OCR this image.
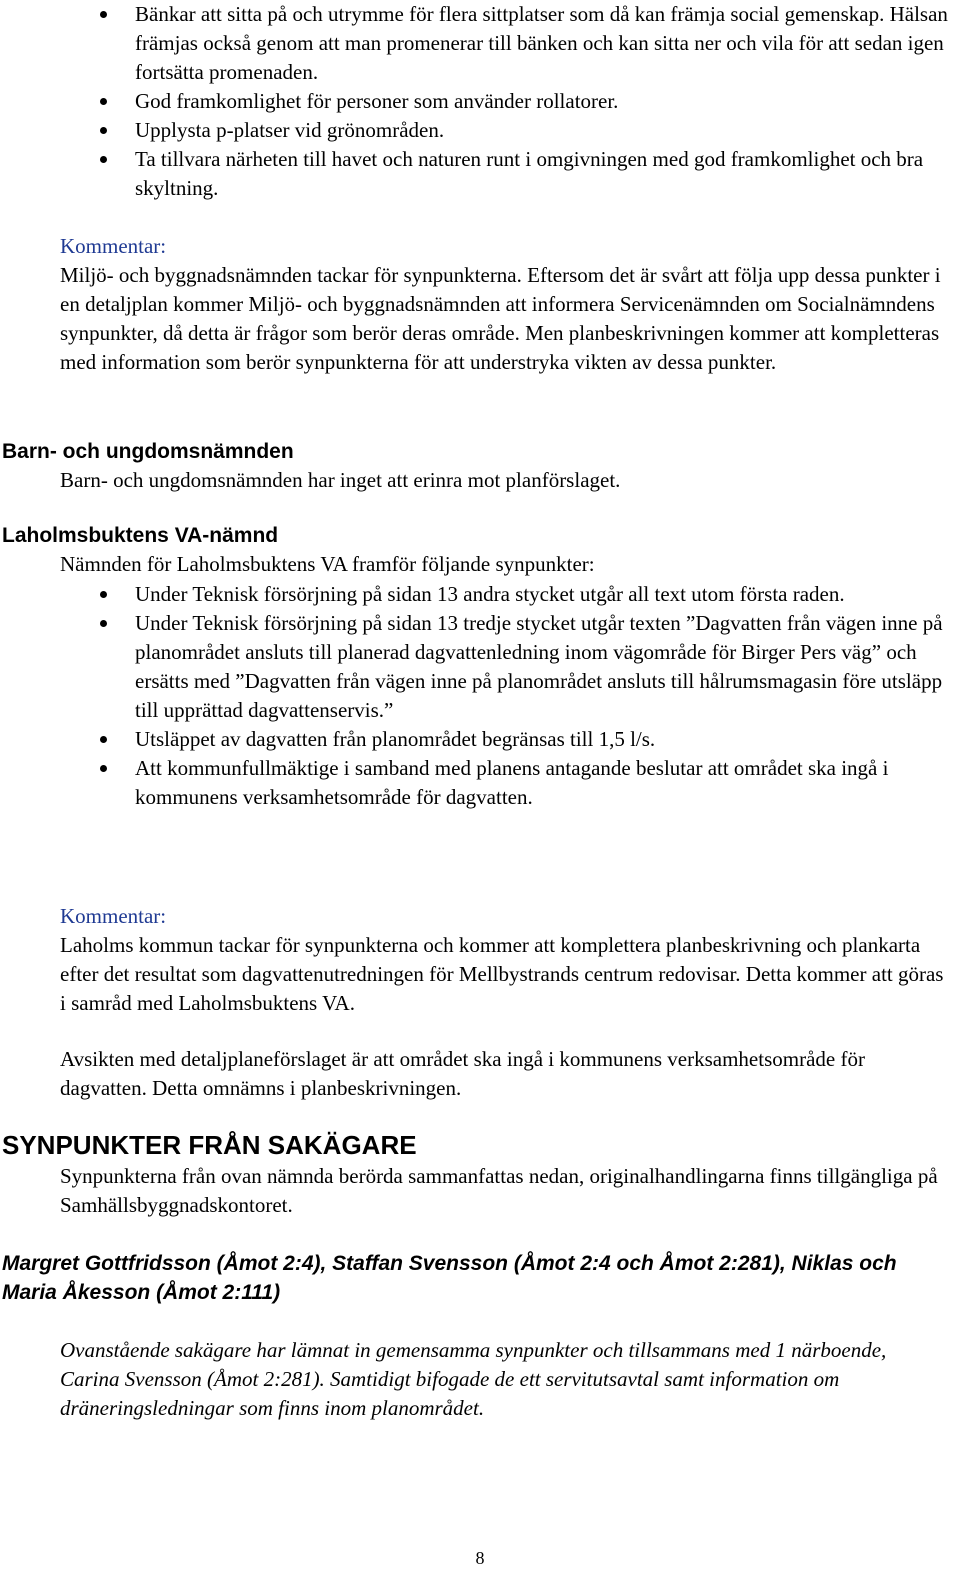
Bänkar att sitta på och utrymme för flera sittplatser som då kan främja social gemenskap. Hälsan främjas också genom att man promenerar till bänken och kan sitta ner och vila för att sedan igen fortsätta promenaden.
God framkomlighet för personer som använder rollatorer.
Upplysta p-platser vid grönområden.
Ta tillvara närheten till havet och naturen runt i omgivningen med god framkomlighet och bra skyltning.
Kommentar:
Miljö- och byggnadsnämnden tackar för synpunkterna. Eftersom det är svårt att följa upp dessa punkter i en detaljplan kommer Miljö- och byggnadsnämnden att informera Servicenämnden om Socialnämndens synpunkter, då detta är frågor som berör deras område. Men planbeskrivningen kommer att kompletteras med information som berör synpunkterna för att understryka vikten av dessa punkter.
Barn- och ungdomsnämnden
Barn- och ungdomsnämnden har inget att erinra mot planförslaget.
Laholmsbuktens VA-nämnd
Nämnden för Laholmsbuktens VA framför följande synpunkter:
Under Teknisk försörjning på sidan 13 andra stycket utgår all text utom första raden.
Under Teknisk försörjning på sidan 13 tredje stycket utgår texten ”Dagvatten från vägen inne på planområdet ansluts till planerad dagvattenledning inom vägområde för Birger Pers väg” och ersätts med ”Dagvatten från vägen inne på planområdet ansluts till hålrumsmagasin före utsläpp till upprättad dagvattenservis.”
Utsläppet av dagvatten från planområdet begränsas till 1,5 l/s.
Att kommunfullmäktige i samband med planens antagande beslutar att området ska ingå i kommunens verksamhetsområde för dagvatten.
Kommentar:
Laholms kommun tackar för synpunkterna och kommer att komplettera planbeskrivning och plankarta efter det resultat som dagvattenutredningen för Mellbystrands centrum redovisar. Detta kommer att göras i samråd med Laholmsbuktens VA.
Avsikten med detaljplaneförslaget är att området ska ingå i kommunens verksamhetsområde för dagvatten. Detta omnämns i planbeskrivningen.
SYNPUNKTER FRÅN SAKÄGARE
Synpunkterna från ovan nämnda berörda sammanfattas nedan, originalhandlingarna finns tillgängliga på Samhällsbyggnadskontoret.
Margret Gottfridsson (Åmot 2:4), Staffan Svensson (Åmot 2:4 och Åmot 2:281), Niklas och Maria Åkesson (Åmot 2:111)
Ovanstående sakägare har lämnat in gemensamma synpunkter och tillsammans med 1 närboende, Carina Svensson (Åmot 2:281). Samtidigt bifogade de ett servitutsavtal samt information om dräneringsledningar som finns inom planområdet.
8
